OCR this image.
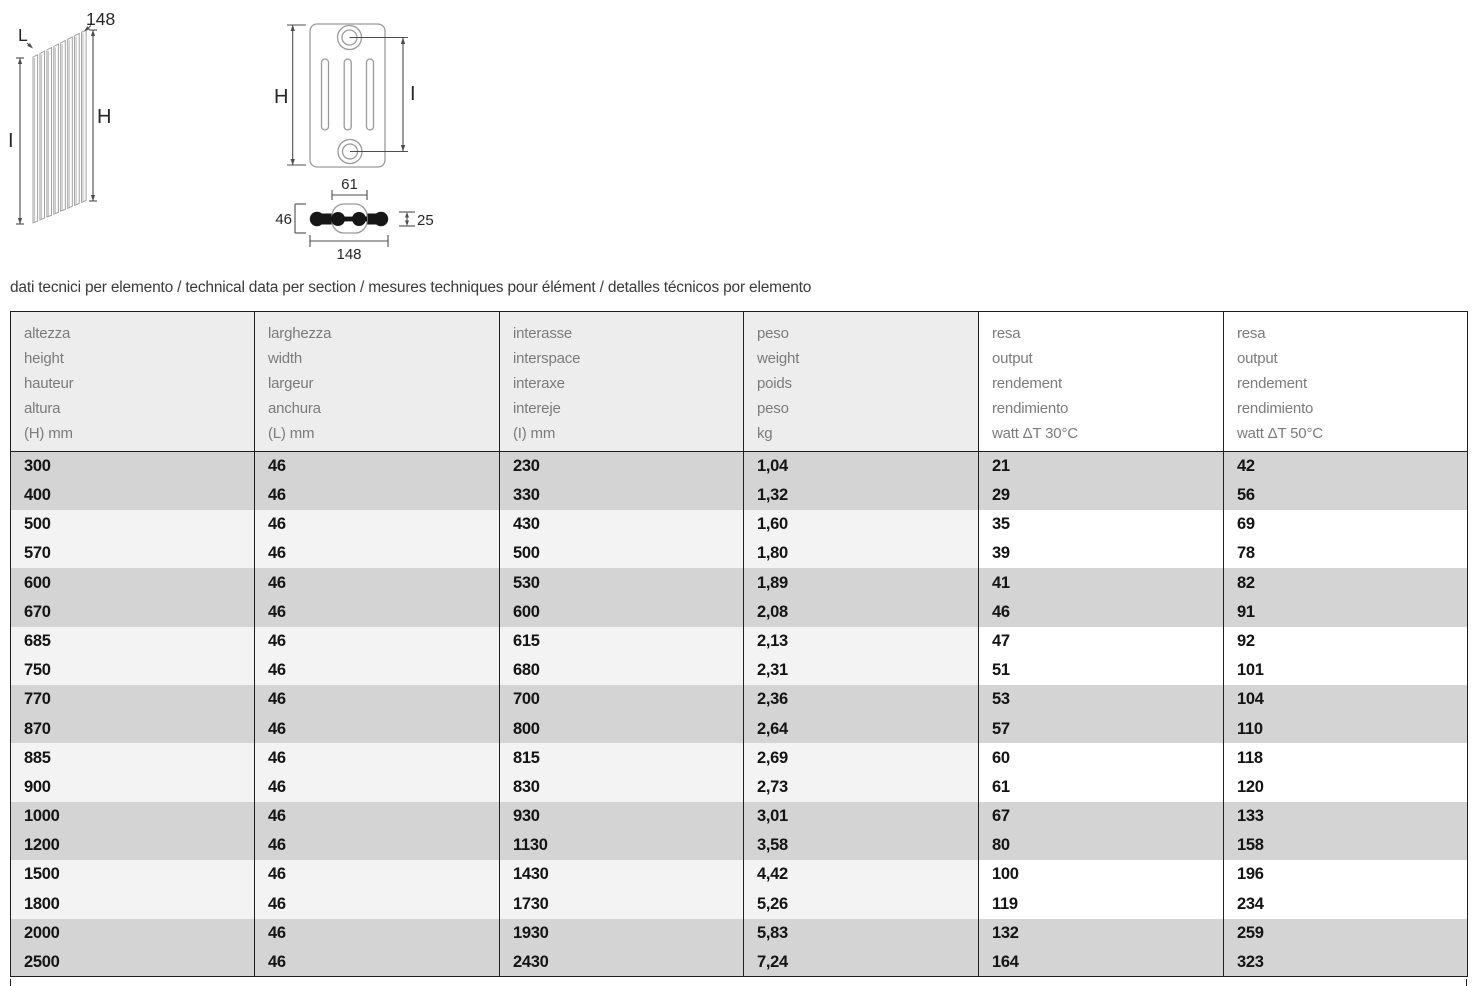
148
L
H
I
H	I
61
46	25
148
dati tecnici per elemento / technical data per section / mesures techniques pour élément / detalles técnicos por elemento
altezza
height
hauteur
altura
(H) mm

larghezza
width
largeur
anchura
(L) mm

interasse
interspace
interaxe
intereje
(I) mm

peso
weight
poids
peso
kg

resa
output
rendement
rendimiento
watt ΔT 30°C

resa
output
rendement
rendimiento
watt ΔT 50°C

300	46	230	1,04	21	42
400	46	330	1,32	29	56
500	46	430	1,60	35	69
570	46	500	1,80	39	78
600	46	530	1,89	41	82
670	46	600	2,08	46	91
685	46	615	2,13	47	92
750	46	680	2,31	51	101
770	46	700	2,36	53	104
870	46	800	2,64	57	110
885	46	815	2,69	60	118
900	46	830	2,73	61	120
1000	46	930	3,01	67	133
1200	46	1130	3,58	80	158
1500	46	1430	4,42	100	196
1800	46	1730	5,26	119	234
2000	46	1930	5,83	132	259
2500	46	2430	7,24	164	323
